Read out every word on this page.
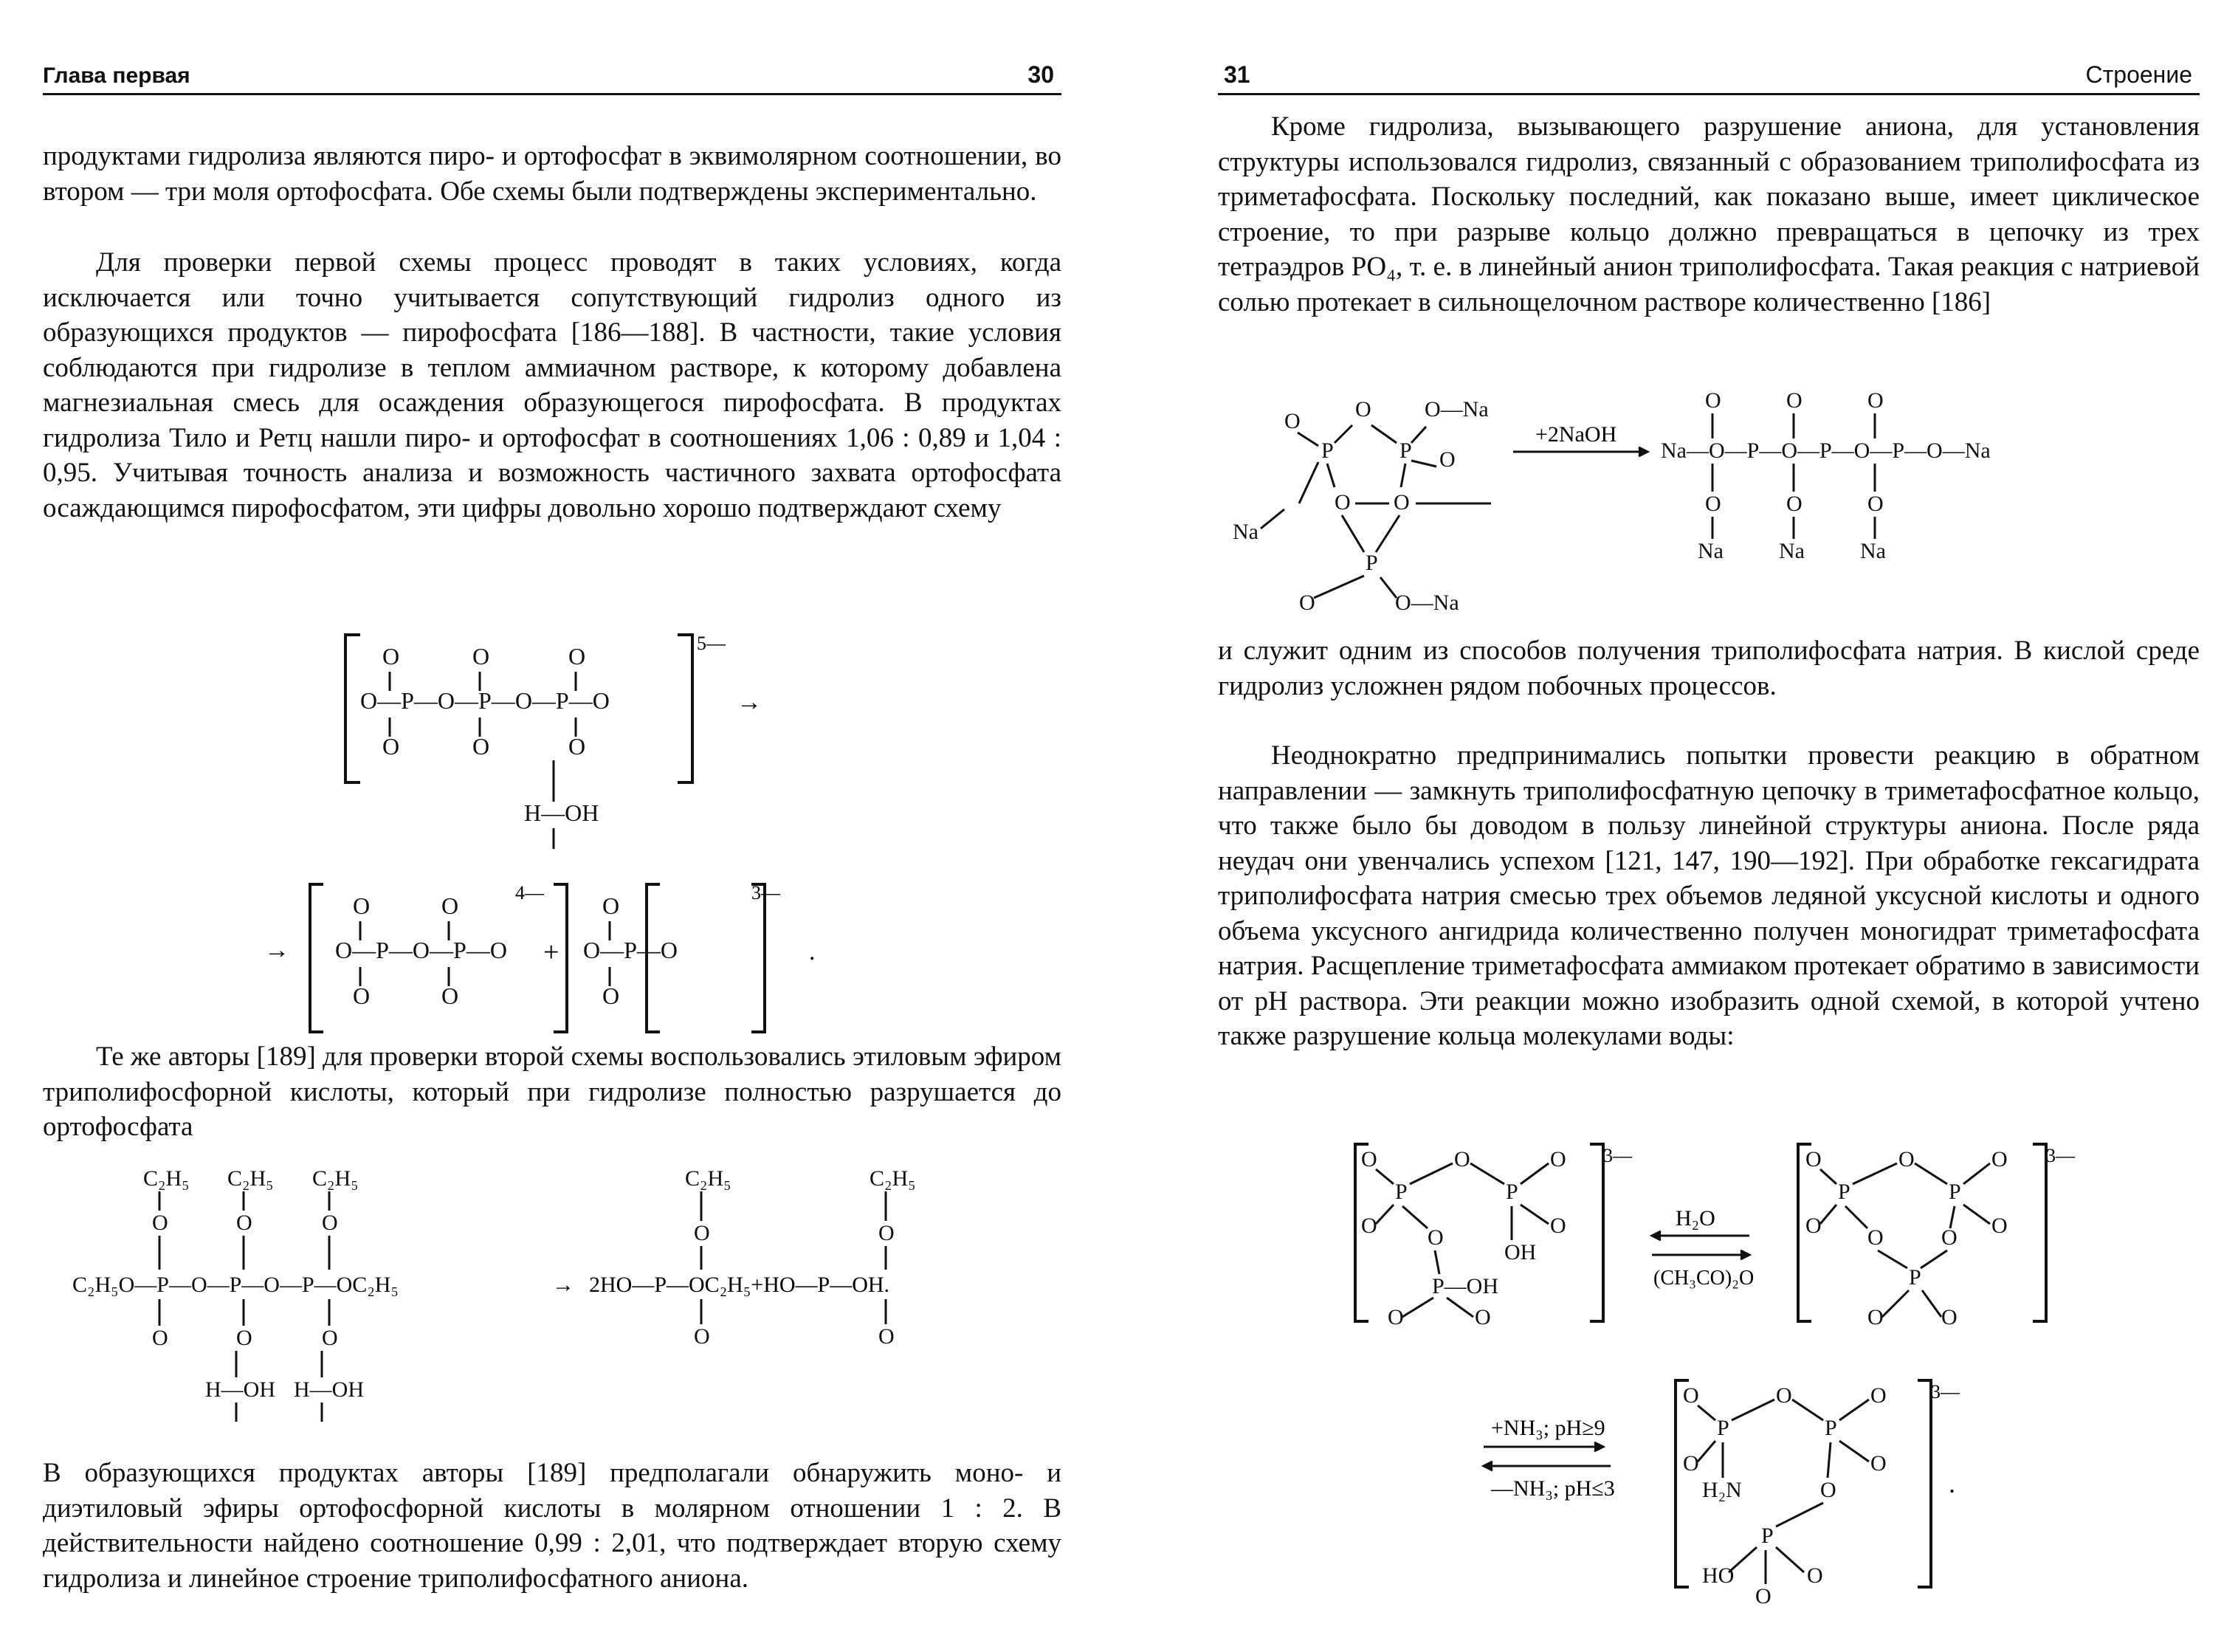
Глава первая	30

продуктами гидролиза являются пиро- и ортофосфат в эквимолярном соотношении, во втором — три моля ортофосфата. Обе схемы были подтверждены экспериментально.

Для проверки первой схемы процесс проводят в таких условиях, когда исключается или точно учитывается сопутствующий гидролиз одного из образующихся продуктов — пирофосфата [186—188]. В частности, такие условия соблюдаются при гидролизе в теплом аммиачном растворе, к которому добавлена магнезиальная смесь для осаждения образующегося пирофосфата. В продуктах гидролиза Тило и Ретц нашли пиро- и ортофосфат в соотношениях 1,06 : 0,89 и 1,04 : 0,95. Учитывая точность анализа и возможность частичного захвата ортофосфата осаждающимся пирофосфатом, эти цифры довольно хорошо подтверждают схему

O	O	O
O—P—O—P—O—P—O
O	O	O
H—OH
5—
→
O	O
O—P—O—P—O
O	O
O
O—P—O
O
→
4—
+
3—
.

Те же авторы [189] для проверки второй схемы воспользовались этиловым эфиром триполифосфорной кислоты, который при гидролизе полностью разрушается до ортофосфата

C₂H₅ C₂H₅ C₂H₅
O	O	O
C₂H₅O—P—O—P—O—P—OC₂H₅
O	O	O
H—OH H—OH
C₂H₅	C₂H₅
O	O
O	O
→ 2HO—P—OC₂H₅+HO—P—OH.

В образующихся продуктах авторы [189] предполагали обнаружить моно- и диэтиловый эфиры ортофосфорной кислоты в молярном отношении 1 : 2. В действительности найдено соотношение 0,99 : 2,01, что подтверждает вторую схему гидролиза и линейное строение триполифосфатного аниона.

31	Строение

Кроме гидролиза, вызывающего разрушение аниона, для установления структуры использовался гидролиз, связанный с образованием триполифосфата из триметафосфата. Поскольку последний, как показано выше, имеет циклическое строение, то при разрыве кольцо должно превращаться в цепочку из трех тетраэдров PO₄, т. е. в линейный анион триполифосфата. Такая реакция с натриевой солью протекает в сильнощелочном растворе количественно [186]

O O O—Na
P	P O
O O
Na
P
O	O—Na
O	O	O
Na—O—P—O—P—O—P—O—Na
O	O	O
Na	Na	Na
+2NaOH

и служит одним из способов получения триполифосфата натрия. В кислой среде гидролиз усложнен рядом побочных процессов.

Неоднократно предпринимались попытки провести реакцию в обратном направлении — замкнуть триполифосфатную цепочку в триметафосфатное кольцо, что также было бы доводом в пользу линейной структуры аниона. После ряда неудач они увенчались успехом [121, 147, 190—192]. При обработке гексагидрата триполифосфата натрия смесью трех объемов ледяной уксусной кислоты и одного объема уксусного ангидрида количественно получен моногидрат триметафосфата натрия. Расщепление триметафосфата аммиаком протекает обратимо в зависимости от pH раствора. Эти реакции можно изобразить одной схемой, в которой учтено также разрушение кольца молекулами воды:

O	O	O
P	P
O O	O
OH
P—OH
O	O
O	O	O
P	P
O O	O O
P
O	O
O	O	O
P	P
O	O
H₂N	O
P
HO	O
O
3—	3—
3—
H₂O
(CH₃CO)₂O
+NH₃; pH≥9
—NH₃; pH≤3	.
